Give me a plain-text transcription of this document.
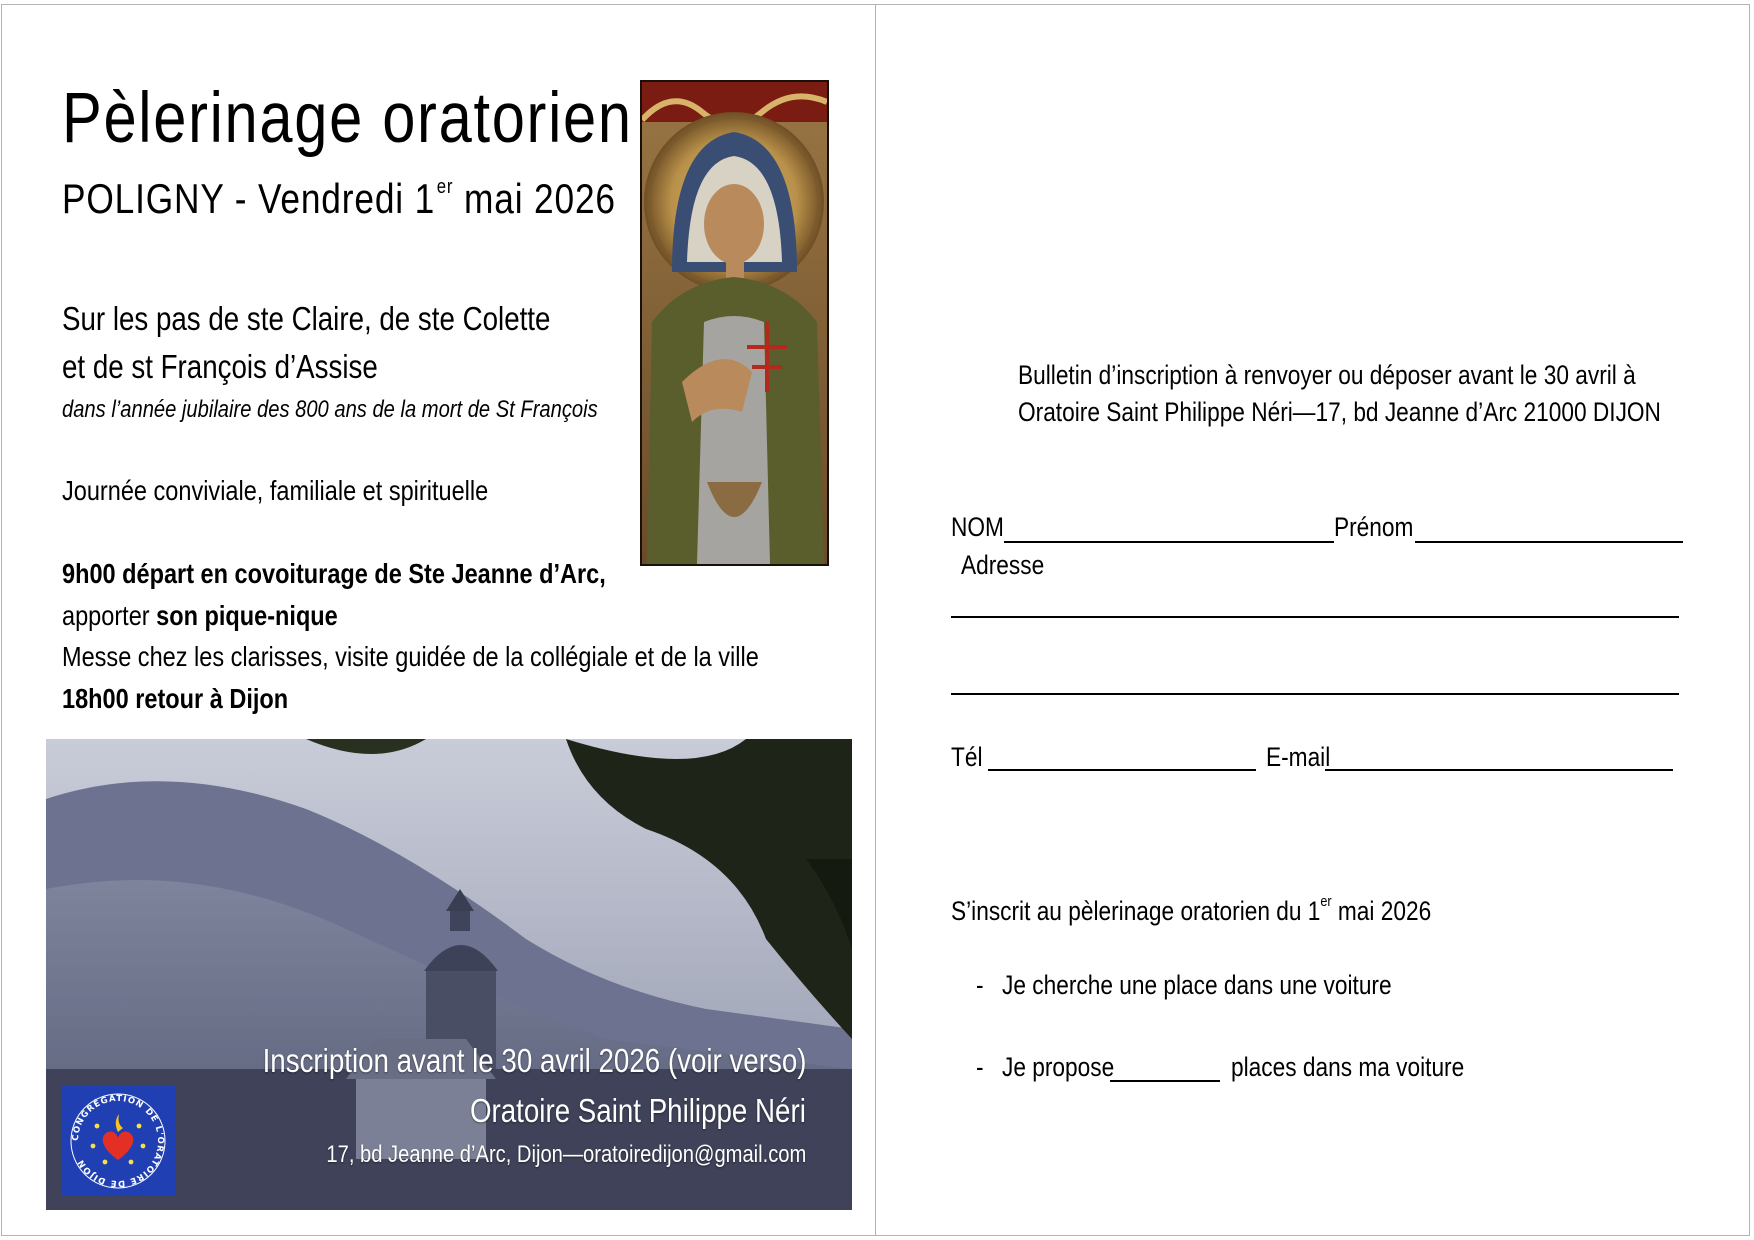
Pèlerinage oratorien
POLIGNY - Vendredi 1er mai 2026
Sur les pas de ste Claire, de ste Colette
et de st François d’Assise
dans l’année jubilaire des 800 ans de la mort de St François
Journée conviviale, familiale et spirituelle
9h00 départ en covoiturage de Ste Jeanne d’Arc,
apporter son pique-nique
Messe chez les clarisses, visite guidée de la collégiale et de la ville
18h00 retour à Dijon
Inscription avant le 30 avril 2026 (voir verso)
Oratoire Saint Philippe Néri
17, bd Jeanne d’Arc, Dijon—oratoiredijon@gmail.com
CONGRÉGATION DE L'ORATOIRE DE DIJON
Bulletin d’inscription à renvoyer ou déposer avant le 30 avril à
Oratoire Saint Philippe Néri—17, bd Jeanne d’Arc 21000 DIJON
NOM	Prénom
Adresse
Tél	E-mail
S’inscrit au pèlerinage oratorien du 1er mai 2026
- Je cherche une place dans une voiture
- Je propose	places dans ma voiture
